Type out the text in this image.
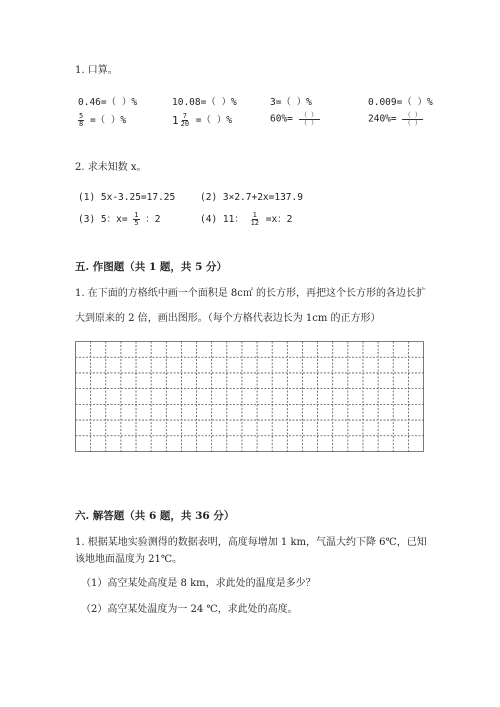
1. 口算。
0.46=（ ）%	10.08=（ ）%	3=（ ）%	0.009=（ ）%
$\frac{5}{8}$ =（ ）%	$1 \frac{7}{20}$ =（ ）%	$60\%= \frac{( )}{( )}$	$240\%= \frac{( )}{( )}$
2. 求未知数 x。
(1) 5x-3.25=17.25	(2) 3×2.7+2x=137.9
(3) 5：$x= \frac{1}{5}$ ：2	(4) 11： $\frac{1}{12} =x$：2
五. 作图题（共 1 题，共 5 分）
1. 在下面的方格纸中画一个面积是 8c㎡ 的长方形，再把这个长方形的各边长扩
大到原来的 2 倍，画出图形。（每个方格代表边长为 1cm 的正方形）
六. 解答题（共 6 题，共 36 分）
1. 根据某地实验测得的数据表明，高度每增加 1 km，气温大约下降 6℃，已知
该地地面温度为 21℃。
（1）高空某处高度是 8 km，求此处的温度是多少？
（2）高空某处温度为一 24 ℃，求此处的高度。
